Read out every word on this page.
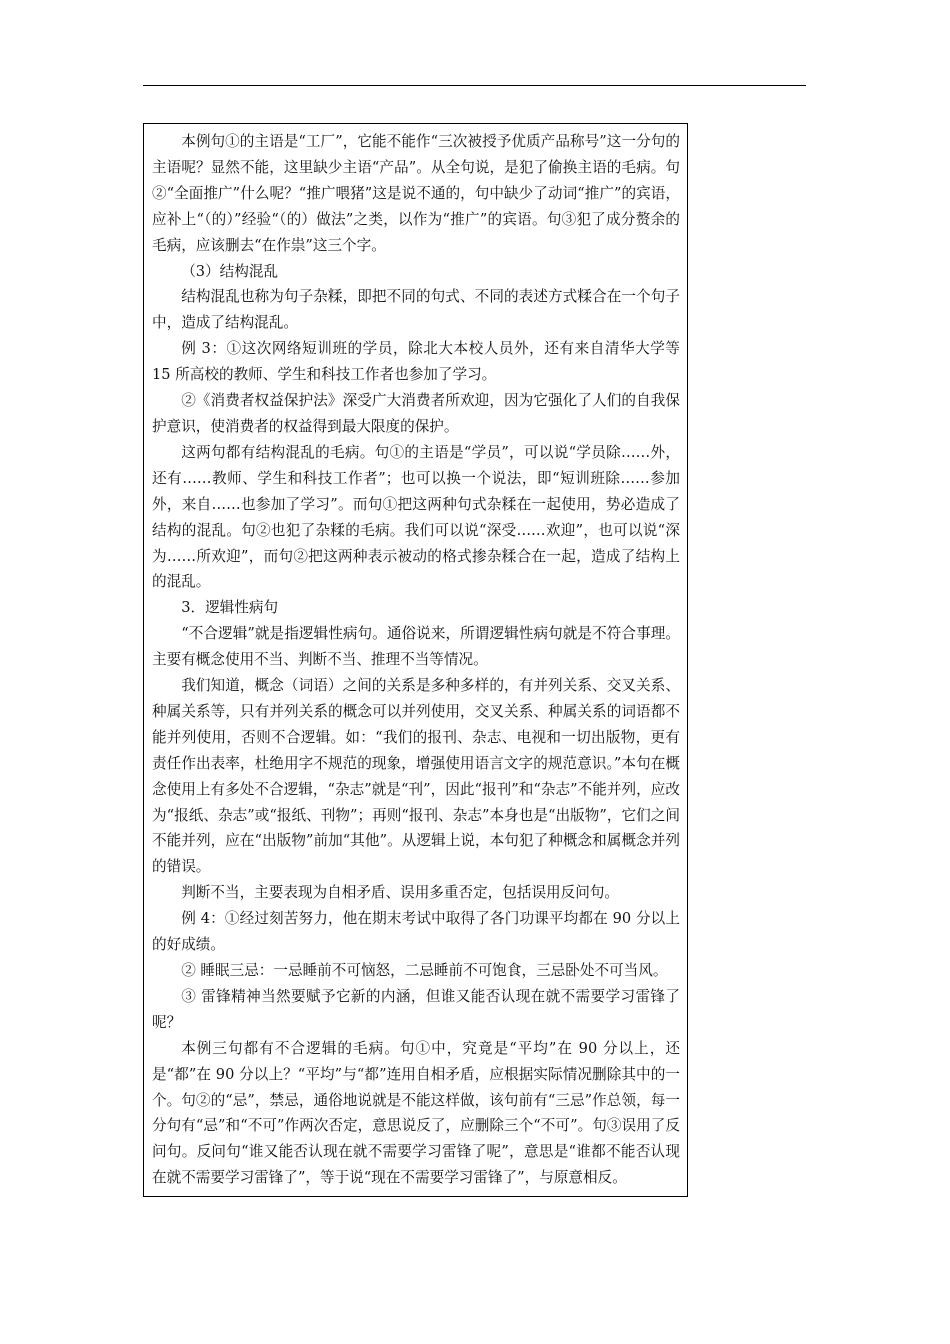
本例句①的主语是“工厂”，它能不能作“三次被授予优质产品称号”这一分句的主语呢？显然不能，这里缺少主语“产品”。从全句说，是犯了偷换主语的毛病。句②“全面推广”什么呢？“推广喂猪”这是说不通的，句中缺少了动词“推广”的宾语，应补上“（的）”经验“（的）做法”之类，以作为“推广”的宾语。句③犯了成分赘余的毛病，应该删去“在作祟”这三个字。

（3）结构混乱

结构混乱也称为句子杂糅，即把不同的句式、不同的表述方式糅合在一个句子中，造成了结构混乱。

例 3：①这次网络短训班的学员，除北大本校人员外，还有来自清华大学等 15 所高校的教师、学生和科技工作者也参加了学习。

②《消费者权益保护法》深受广大消费者所欢迎，因为它强化了人们的自我保护意识，使消费者的权益得到最大限度的保护。

这两句都有结构混乱的毛病。句①的主语是“学员”，可以说“学员除……外，还有……教师、学生和科技工作者”；也可以换一个说法，即“短训班除……参加外，来自……也参加了学习”。而句①把这两种句式杂糅在一起使用，势必造成了结构的混乱。句②也犯了杂糅的毛病。我们可以说“深受……欢迎”，也可以说“深为……所欢迎”，而句②把这两种表示被动的格式掺杂糅合在一起，造成了结构上的混乱。

3．逻辑性病句

“不合逻辑”就是指逻辑性病句。通俗说来，所谓逻辑性病句就是不符合事理。主要有概念使用不当、判断不当、推理不当等情况。

我们知道，概念（词语）之间的关系是多种多样的，有并列关系、交叉关系、种属关系等，只有并列关系的概念可以并列使用，交叉关系、种属关系的词语都不能并列使用，否则不合逻辑。如：“我们的报刊、杂志、电视和一切出版物，更有责任作出表率，杜绝用字不规范的现象，增强使用语言文字的规范意识。”本句在概念使用上有多处不合逻辑，“杂志”就是“刊”，因此“报刊”和“杂志”不能并列，应改为“报纸、杂志”或“报纸、刊物”；再则“报刊、杂志”本身也是“出版物”，它们之间不能并列，应在“出版物”前加“其他”。从逻辑上说，本句犯了种概念和属概念并列的错误。

判断不当，主要表现为自相矛盾、误用多重否定，包括误用反问句。

例 4：①经过刻苦努力，他在期末考试中取得了各门功课平均都在 90 分以上的好成绩。

② 睡眠三忌：一忌睡前不可恼怒，二忌睡前不可饱食，三忌卧处不可当风。

③ 雷锋精神当然要赋予它新的内涵，但谁又能否认现在就不需要学习雷锋了呢？

本例三句都有不合逻辑的毛病。句①中，究竟是“平均”在 90 分以上，还是“都”在 90 分以上？“平均”与“都”连用自相矛盾，应根据实际情况删除其中的一个。句②的“忌”，禁忌，通俗地说就是不能这样做，该句前有“三忌”作总领，每一分句有“忌”和“不可”作两次否定，意思说反了，应删除三个“不可”。句③误用了反问句。反问句“谁又能否认现在就不需要学习雷锋了呢”，意思是“谁都不能否认现在就不需要学习雷锋了”，等于说“现在不需要学习雷锋了”，与原意相反。
